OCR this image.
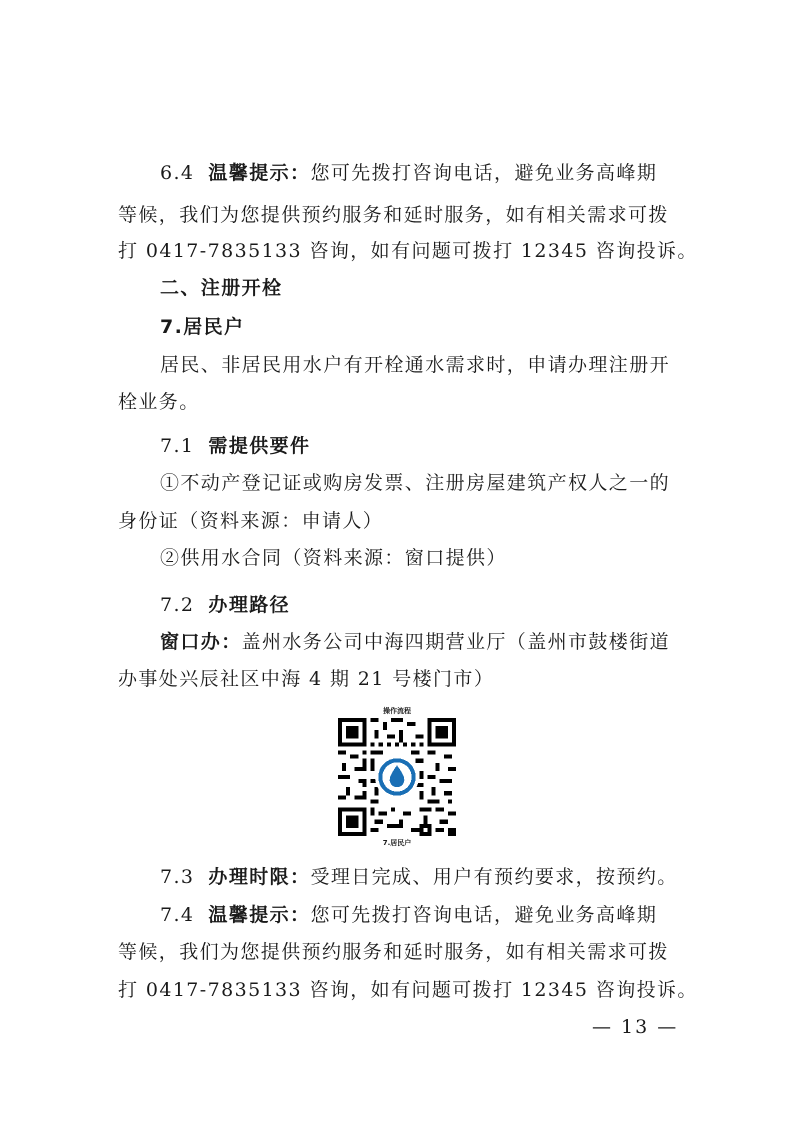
6.4 温馨提示：您可先拨打咨询电话，避免业务高峰期
等候，我们为您提供预约服务和延时服务，如有相关需求可拨
打 0417-7835133 咨询，如有问题可拨打 12345 咨询投诉。
二、注册开栓
7.居民户
居民、非居民用水户有开栓通水需求时，申请办理注册开
栓业务。
7.1 需提供要件
①不动产登记证或购房发票、注册房屋建筑产权人之一的
身份证（资料来源：申请人）
②供用水合同（资料来源：窗口提供）
7.2 办理路径
窗口办：盖州水务公司中海四期营业厅（盖州市鼓楼街道
办事处兴辰社区中海 4 期 21 号楼门市）
操作流程
7.居民户
7.3 办理时限：受理日完成、用户有预约要求，按预约。
7.4 温馨提示：您可先拨打咨询电话，避免业务高峰期
等候，我们为您提供预约服务和延时服务，如有相关需求可拨
打 0417-7835133 咨询，如有问题可拨打 12345 咨询投诉。
— 13 —
